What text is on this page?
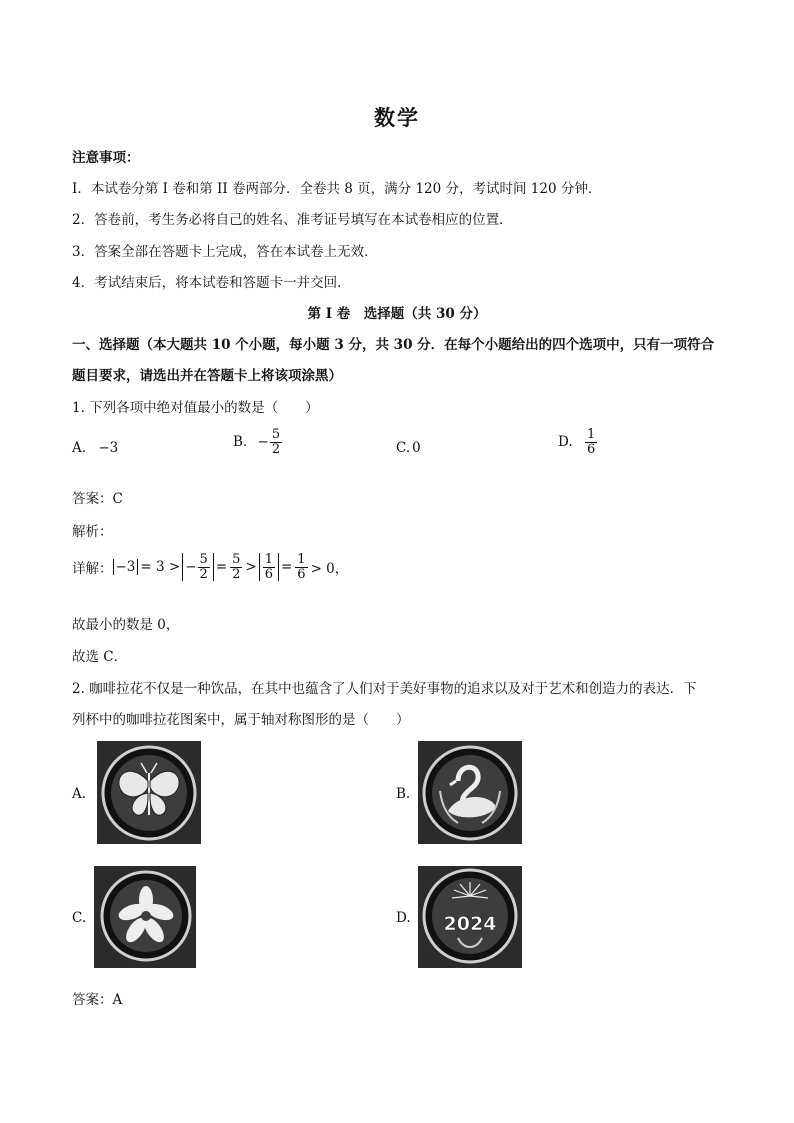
数学
注意事项：
I．本试卷分第 I 卷和第 II 卷两部分．全卷共 8 页，满分 120 分，考试时间 120 分钟．
2．答卷前，考生务必将自己的姓名、准考证号填写在本试卷相应的位置．
3．答案全部在答题卡上完成，答在本试卷上无效．
4．考试结束后，将本试卷和答题卡一并交回．
第 I 卷　选择题（共 30 分）
一、选择题（本大题共 10 个小题，每小题 3 分，共 30 分．在每个小题给出的四个选项中，只有一项符合
题目要求，请选出并在答题卡上将该项涂黑）
1. 下列各项中绝对值最小的数是（　　）
A. −3	B. − $\frac{5}{2}$	C. 0	D. $\frac{1}{6}$
答案：C
解析：
详解： −3 = 3 > − $\frac{5}{2} = \frac{5}{2} > \frac{1}{6} = \frac{1}{6} > 0$，
故最小的数是 0，
故选 C．
2. 咖啡拉花不仅是一种饮品，在其中也蕴含了人们对于美好事物的追求以及对于艺术和创造力的表达．下
列杯中的咖啡拉花图案中，属于轴对称图形的是（　　）
A.	B.
C.	D. 2024
答案：A
